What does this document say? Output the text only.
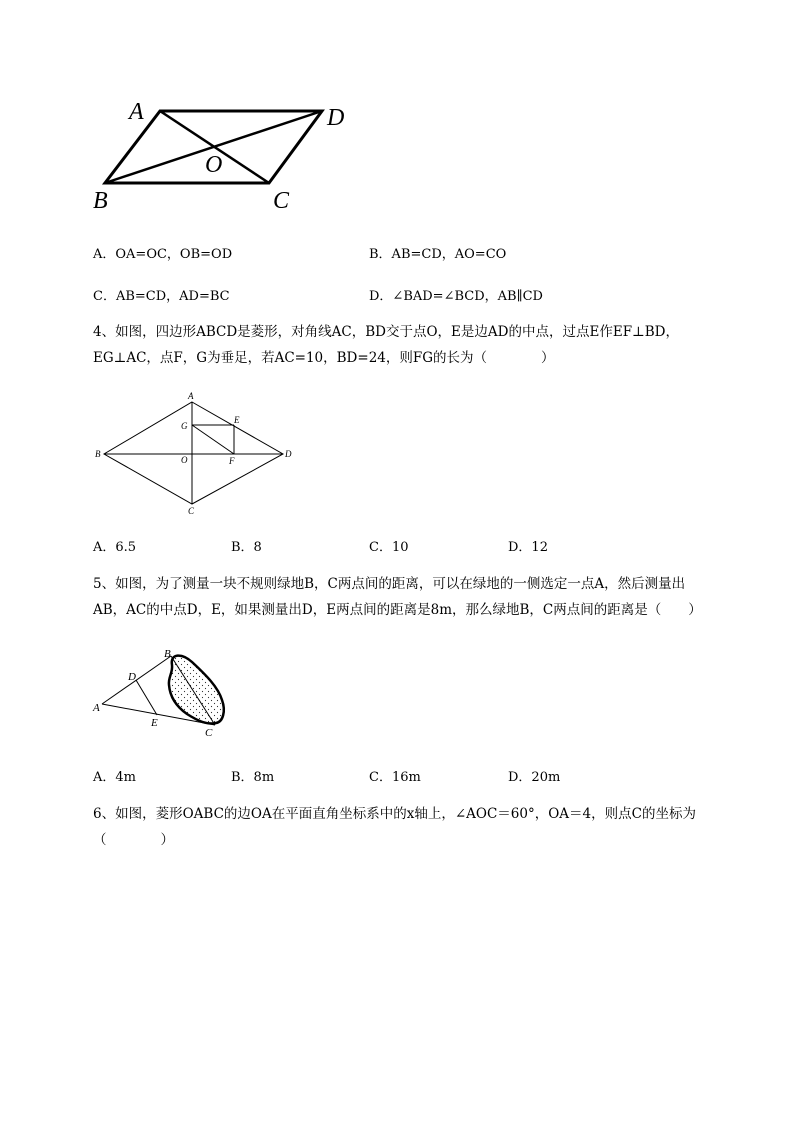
A	D
O
B	C
A．OA=OC，OB=OD	B．AB=CD，AO=CO
C．AB=CD，AD=BC	D．∠BAD=∠BCD，AB∥CD
4、如图，四边形ABCD是菱形，对角线AC，BD交于点O，E是边AD的中点，过点E作EF⊥BD，
EG⊥AC，点F，G为垂足，若AC=10，BD=24，则FG的长为（　　　　）
A
E
G
B
O	F
D
C
A．6.5	B．8	C．10	D．12
5、如图，为了测量一块不规则绿地B，C两点间的距离，可以在绿地的一侧选定一点A，然后测量出
AB，AC的中点D，E，如果测量出D，E两点间的距离是8m，那么绿地B，C两点间的距离是（　　）
B
D
A
E
C
A．4m	B．8m	C．16m	D．20m
6、如图，菱形OABC的边OA在平面直角坐标系中的x轴上，∠AOC＝60°，OA＝4，则点C的坐标为
（　　　　）
